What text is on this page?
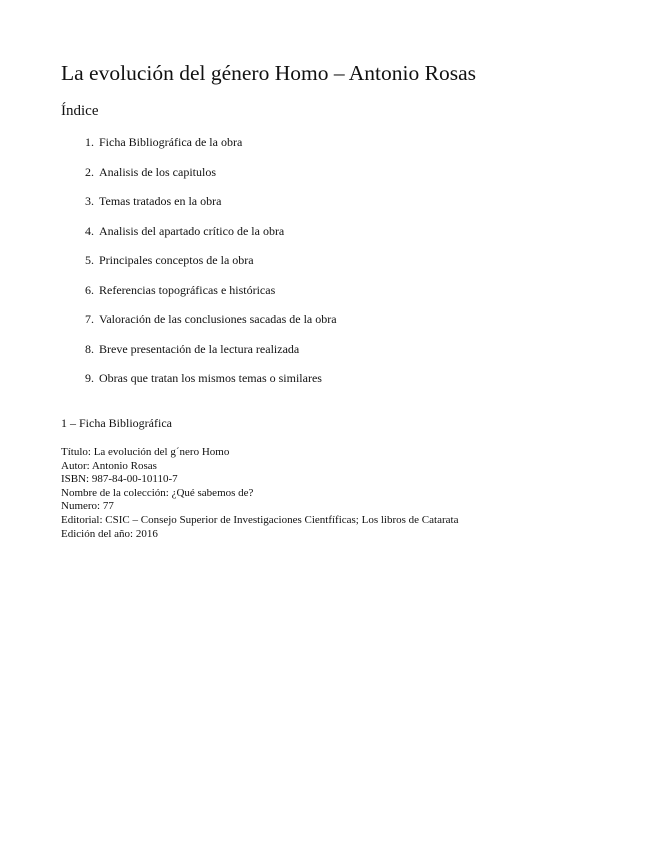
La evolución del género Homo – Antonio Rosas
Índice
1. Ficha Bibliográfica de la obra
2. Analisis de los capitulos
3. Temas tratados en la obra
4. Analisis del apartado crítico de la obra
5. Principales conceptos de la obra
6. Referencias topográficas e históricas
7. Valoración de las conclusiones sacadas de la obra
8. Breve presentación de la lectura realizada
9. Obras que tratan los mismos temas o similares
1 – Ficha Bibliográfica
Título: La evolución del g´nero Homo
Autor: Antonio Rosas
ISBN: 987-84-00-10110-7
Nombre de la colección: ¿Qué sabemos de?
Numero: 77
Editorial: CSIC – Consejo Superior de Investigaciones Cientfíficas; Los libros de Catarata
Edición del año: 2016
